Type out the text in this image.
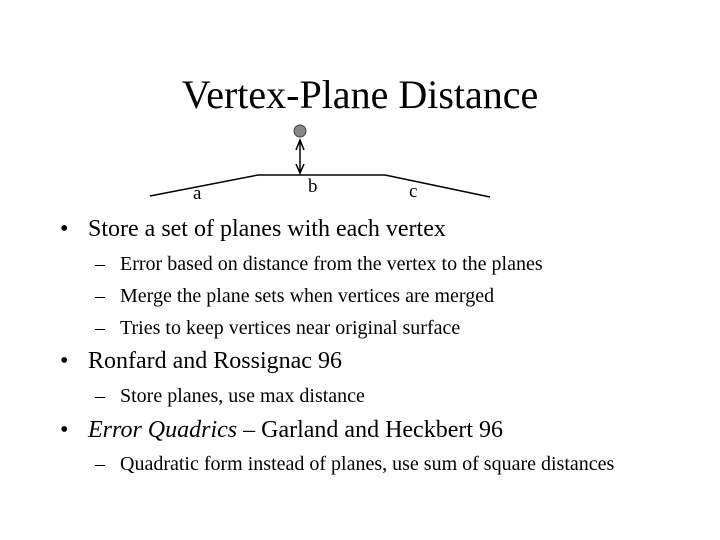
Vertex-Plane Distance
a	b	c
• Store a set of planes with each vertex
– Error based on distance from the vertex to the planes
– Merge the plane sets when vertices are merged
– Tries to keep vertices near original surface
• Ronfard and Rossignac 96
– Store planes, use max distance
• Error Quadrics – Garland and Heckbert 96
– Quadratic form instead of planes, use sum of square distances
